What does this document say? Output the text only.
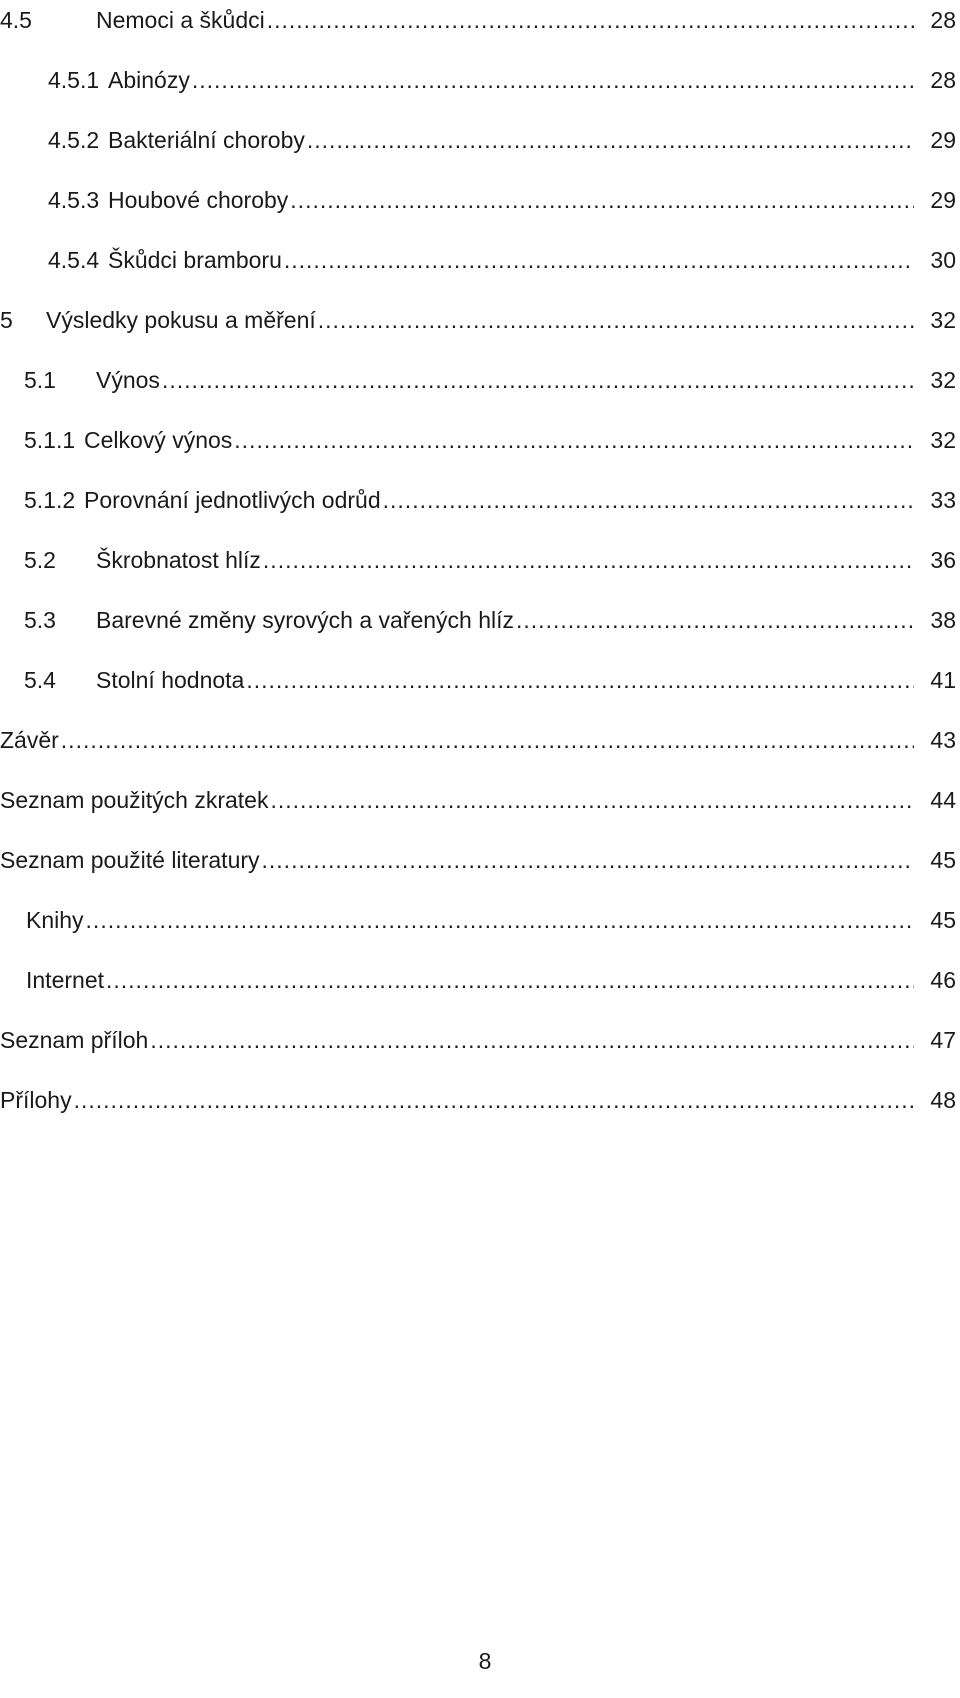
4.5	Nemoci a škůdci .....	28
4.5.1 Abinózy .....	28
4.5.2 Bakteriální choroby .....	29
4.5.3 Houbové choroby .....	29
4.5.4 Škůdci bramboru .....	30
5	Výsledky pokusu a měření .....	32
5.1	Výnos .....	32
5.1.1 Celkový výnos .....	32
5.1.2 Porovnání jednotlivých odrůd .....	33
5.2	Škrobnatost hlíz .....	36
5.3	Barevné změny syrových a vařených hlíz .....	38
5.4	Stolní hodnota .....	41
Závěr .....	43
Seznam použitých zkratek .....	44
Seznam použité literatury .....	45
Knihy .....	45
Internet .....	46
Seznam příloh .....	47
Přílohy .....	48
8
